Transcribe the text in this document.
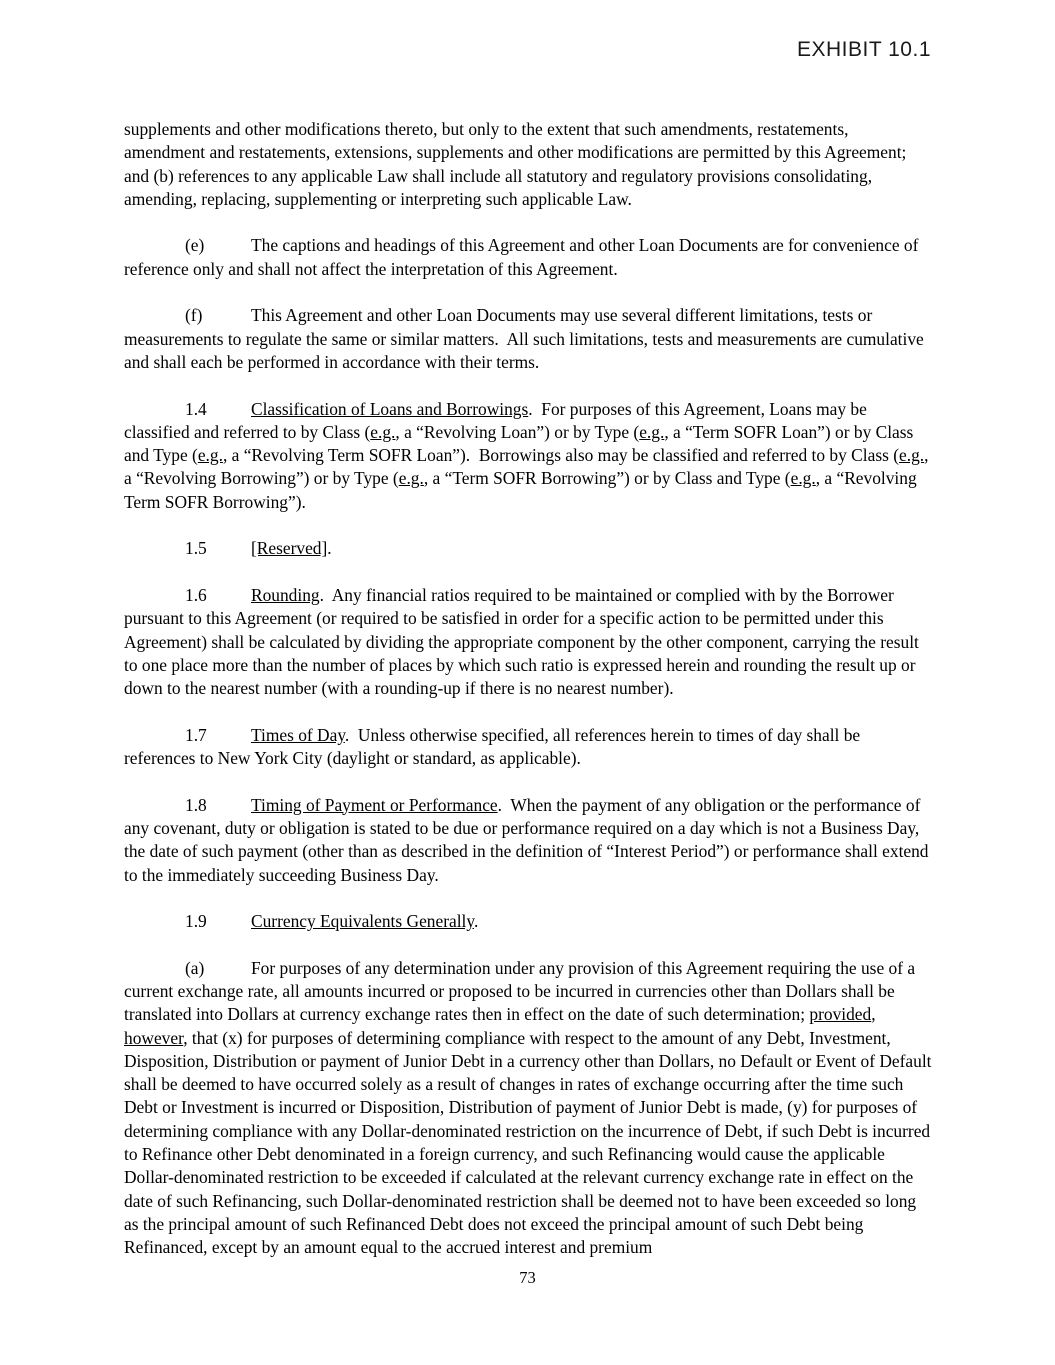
EXHIBIT 10.1

supplements and other modifications thereto, but only to the extent that such amendments, restatements, amendment and restatements, extensions, supplements and other modifications are permitted by this Agreement; and (b) references to any applicable Law shall include all statutory and regulatory provisions consolidating, amending, replacing, supplementing or interpreting such applicable Law.

(e)	The captions and headings of this Agreement and other Loan Documents are for convenience of reference only and shall not affect the interpretation of this Agreement.

(f)	This Agreement and other Loan Documents may use several different limitations, tests or measurements to regulate the same or similar matters.  All such limitations, tests and measurements are cumulative and shall each be performed in accordance with their terms.

1.4	Classification of Loans and Borrowings.  For purposes of this Agreement, Loans may be classified and referred to by Class (e.g., a “Revolving Loan”) or by Type (e.g., a “Term SOFR Loan”) or by Class and Type (e.g., a “Revolving Term SOFR Loan”).  Borrowings also may be classified and referred to by Class (e.g., a “Revolving Borrowing”) or by Type (e.g., a “Term SOFR Borrowing”) or by Class and Type (e.g., a “Revolving Term SOFR Borrowing”).

1.5	[Reserved].

1.6	Rounding.  Any financial ratios required to be maintained or complied with by the Borrower pursuant to this Agreement (or required to be satisfied in order for a specific action to be permitted under this Agreement) shall be calculated by dividing the appropriate component by the other component, carrying the result to one place more than the number of places by which such ratio is expressed herein and rounding the result up or down to the nearest number (with a rounding-up if there is no nearest number).

1.7	Times of Day.  Unless otherwise specified, all references herein to times of day shall be references to New York City (daylight or standard, as applicable).

1.8	Timing of Payment or Performance.  When the payment of any obligation or the performance of any covenant, duty or obligation is stated to be due or performance required on a day which is not a Business Day, the date of such payment (other than as described in the definition of “Interest Period”) or performance shall extend to the immediately succeeding Business Day.

1.9	Currency Equivalents Generally.

(a)	For purposes of any determination under any provision of this Agreement requiring the use of a current exchange rate, all amounts incurred or proposed to be incurred in currencies other than Dollars shall be translated into Dollars at currency exchange rates then in effect on the date of such determination; provided, however, that (x) for purposes of determining compliance with respect to the amount of any Debt, Investment, Disposition, Distribution or payment of Junior Debt in a currency other than Dollars, no Default or Event of Default shall be deemed to have occurred solely as a result of changes in rates of exchange occurring after the time such Debt or Investment is incurred or Disposition, Distribution of payment of Junior Debt is made, (y) for purposes of determining compliance with any Dollar-denominated restriction on the incurrence of Debt, if such Debt is incurred to Refinance other Debt denominated in a foreign currency, and such Refinancing would cause the applicable Dollar-denominated restriction to be exceeded if calculated at the relevant currency exchange rate in effect on the date of such Refinancing, such Dollar-denominated restriction shall be deemed not to have been exceeded so long as the principal amount of such Refinanced Debt does not exceed the principal amount of such Debt being Refinanced, except by an amount equal to the accrued interest and premium

73
